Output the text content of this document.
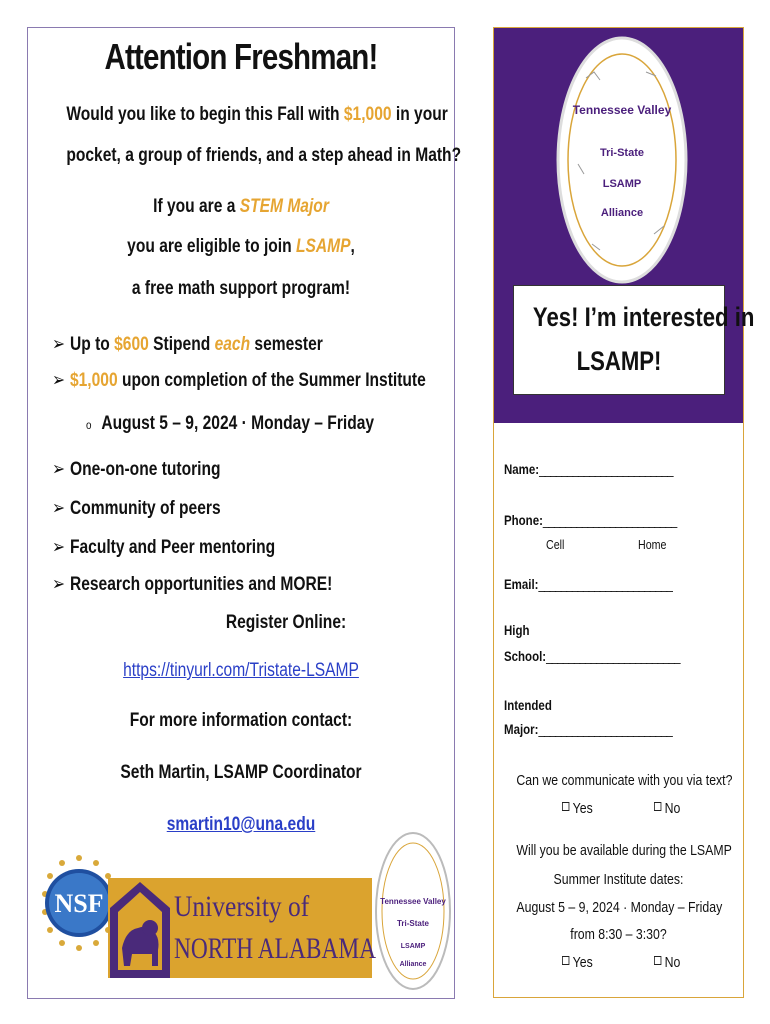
Attention Freshman!
Would you like to begin this Fall with $1,000 in your
pocket, a group of friends, and a step ahead in Math?
If you are a STEM Major
you are eligible to join LSAMP,
a free math support program!
➢ Up to $600 Stipend each semester
➢ $1,000 upon completion of the Summer Institute
o August 5 – 9, 2024 · Monday – Friday
➢ One-on-one tutoring
➢ Community of peers
➢ Faculty and Peer mentoring
➢ Research opportunities and MORE!
Register Online:
https://tinyurl.com/Tristate-LSAMP
For more information contact:
Seth Martin, LSAMP Coordinator
smartin10@una.edu
NSF University of
NORTH ALABAMA
Tennessee Valley
Tri-State
LSAMP
Alliance
Tennessee Valley
Tri-State
LSAMP
Alliance
Yes! I’m interested in
LSAMP!
Name:________________________
Phone:________________________
Cell	Home
Email:________________________
High
School:________________________
Intended
Major:________________________
Can we communicate with you via text?
Yes	No
Will you be available during the LSAMP
Summer Institute dates:
August 5 – 9, 2024 · Monday – Friday
from 8:30 – 3:30?
Yes	No
